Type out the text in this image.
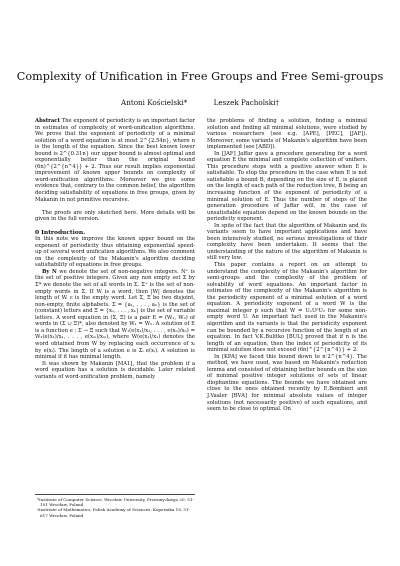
Complexity of Unification in Free Groups and Free Semi-groups
Antoni Kościelski*	Leszek Pacholski†

Abstract The exponent of periodicity is an important factor in estimates of complexity of word-unification algorithms. We prove that the exponent of periodicity of a minimal solution of a word equation is at most 2^{2.54n}, where n is the length of the equation. Since the best known lower bound is 2^{0.31n} our upper bound is almost optimal and exponentially better than the original bound (6n)^{2^{n^4}} + 2. Thus our result implies exponential improvement of known upper bounds on complexity of word-unification algorithms. Moreover we give some evidence that, contrary to the common belief, the algorithm deciding satisfiability of equations in free groups, given by Makanin in not primitive recursive.

The proofs are only sketched here. More details will be given in the full version.

0 Introduction.

In this note we improve the known upper bound on the exponent of periodicity thus obtaining exponential speed-up of several word unification algorithms. We also comment on the complexity of the Makanin's algorithm deciding satisfiability of equations in free groups.

By N we denote the set of non-negative integers. N⁺ is the set of positive integers. Given any non empty set Σ by Σ* we denote the set of all words in Σ. Σ⁺ is the set of non-empty words in Σ. If W is a word, then |W| denotes the length of W. ε is the empty word. Let Σ, Ξ be two disjoint, non-empty, finite alphabets. Σ = {a₁, . . . , aₙ} is the set of (constant) letters and Ξ = {x₁, . . . , xₖ} is the set of variable letters. A word equation in (Σ, Ξ) is a pair E = (W₁, W₂) of words in (Σ ∪ Ξ)*, also denoted by W₁ = W₂. A solution of E is a function e : Σ → Ξ such that W₁(e(x₁)/x₁, . . . , e(xₙ)/xₙ) = W₂(e(x₁)/x₁, . . . , e(xₘ)/xₘ), where W(e(x₁)/x₁) denotes the word obtained from W by replacing each occurrence of xᵢ by e(xᵢ). The length of a solution e is Σᵢ e(xᵢ). A solution is minimal if it has minimal length.

It was shown by Makanin [MA1], that the problem if a word equation has a solution is decidable. Later related variants of word-unification problem, namely

*Institute of Computer Science, Wrocław University, Przesmyckiego 20, 51-151 Wrocław, Poland
†Institute of Mathematics, Polish Academy of Sciences, Kopernika 18, 51-617 Wrocław, Poland

the problems of finding a solution, finding a minimal solution and finding all minimal solutions, were studied by various researchers (see e.g. [APE], [PEC], [JAF]). Moreover, some variants of Makanin's algorithm have been implemented (see [ABD]).

In [JAF] Jaffar gave a procedure generating for a word equation E the minimal and complete collection of unifiers. This procedure stops with a positive answer when E is satisfiable. To stop the procedure in the case when E is not satisfiable a bound B, depending on the size of E, is placed on the length of each path of the reduction tree, B being an increasing function of the exponent of periodicity of a minimal solution of E. Thus the number of steps of the generation procedure of Jaffar will, in the case of unsatisfiable equation depend on the known bounds on the periodicity exponent.

In spite of the fact that the algorithm of Makanin and its variants seem to have important applications and have been intensively studied, no serious investigations of their complexity have been undertaken. It seems that the understanding of the nature of the algorithm of Makanin is still very low.

This paper contains a report on an attempt to understand the complexity of the Makanin's algorithm for semi-groups and the complexity of the problem of solvability of word equations. An important factor in estimates of the complexity of the Makanin's algorithm is the periodicity exponent of a minimal solution of a word equation. A periodicity exponent of a word W is the maximal integer p such that W = U₁UᵖU₂ for some non-empty word U. An important fact used in the Makanin's algorithm and its variants is that the periodicity exponent can be bounded by a recursive function of the length of an equation. In fact V.K.Bulitko [BUL] proved that if n is the length of an equation, then the index of periodicity of its minimal solution does not exceed (6n)^{2^{n^4}} + 2.

In [KPA] we faced this bound down to n·2^{n^4}. The method, we have used, was based on Makanin's reduction lemma and consisted of obtaining better bounds on the size of minimal positive integer solutions of sets of linear diophantine equations. The bounds we have obtained are close to the ones obtained recently by E.Bombieri and J.Vaaler [BVA] for minimal absolute values of integer solutions (not necessarily positive) of such equations, and seem to be close to optimal. On
